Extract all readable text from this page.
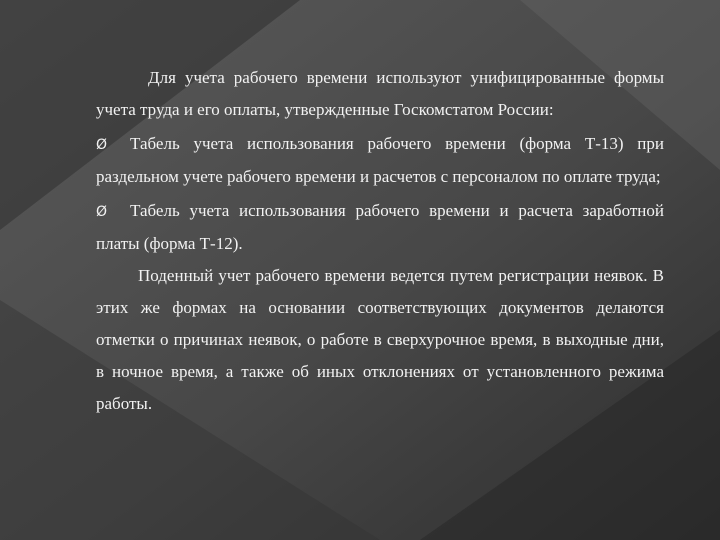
Для учета рабочего времени используют унифицированные формы учета труда и его оплаты, утвержденные Госкомстатом России:

Ø Табель учета использования рабочего времени (форма Т-13) при раздельном учете рабочего времени и расчетов с персоналом по оплате труда;

Ø Табель учета использования рабочего времени и расчета заработной платы (форма Т-12).

Поденный учет рабочего времени ведется путем регистрации неявок. В этих же формах на основании соответствующих документов делаются отметки о причинах неявок, о работе в сверхурочное время, в выходные дни, в ночное время, а также об иных отклонениях от установленного режима работы.
